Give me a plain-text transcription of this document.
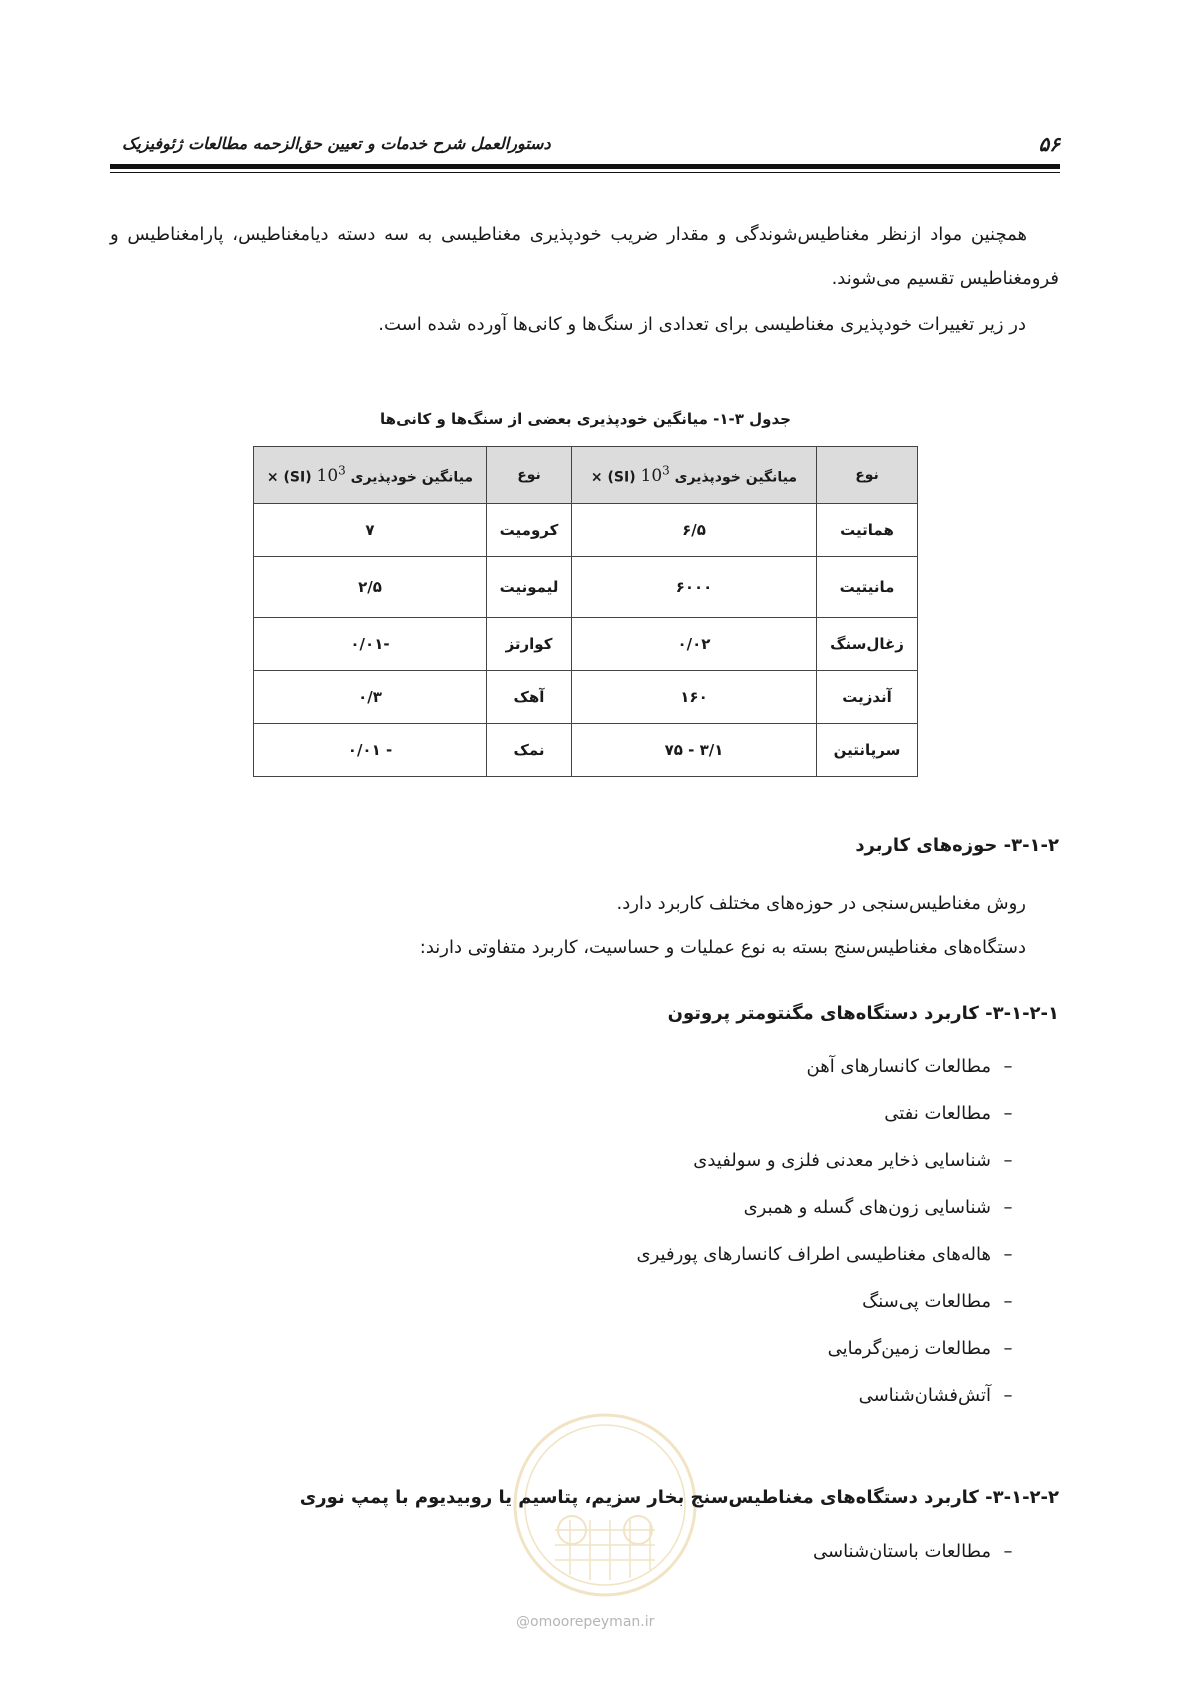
۵۶
دستورالعمل شرح خدمات و تعیین حق‌الزحمه مطالعات ژئوفیزیک
همچنین مواد ازنظر مغناطیس‌شوندگی و مقدار ضریب خودپذیری مغناطیسی به سه دسته دیامغناطیس، پارامغناطیس و فرومغناطیس تقسیم می‌شوند.
در زیر تغییرات خودپذیری مغناطیسی برای تعدادی از سنگ‌ها و کانی‌ها آورده شده است.
جدول ۳-۱- میانگین خودپذیری بعضی از سنگ‌ها و کانی‌ها
نوع	میانگین خودپذیری $10^3$ (SI) ×	نوع	میانگین خودپذیری $10^3$ (SI) ×
هماتیت	۶/۵	کرومیت	۷
مانیتیت	۶۰۰۰	لیمونیت	۲/۵
زغال‌سنگ	۰/۰۲	کوارتز	-۰/۰۱
آندزیت	۱۶۰	آهک	۰/۳
سرپانتین	۳/۱ - ۷۵	نمک	- ۰/۰۱
۳-۱-۲- حوزه‌های کاربرد
روش مغناطیس‌سنجی در حوزه‌های مختلف کاربرد دارد.
دستگاه‌های مغناطیس‌سنج بسته به نوع عملیات و حساسیت، کاربرد متفاوتی دارند:
۳-۱-۲-۱- کاربرد دستگاه‌های مگنتومتر پروتون
–مطالعات کانسارهای آهن
–مطالعات نفتی
–شناسایی ذخایر معدنی فلزی و سولفیدی
–شناسایی زون‌های گسله و همبری
–هاله‌های مغناطیسی اطراف کانسارهای پورفیری
–مطالعات پی‌سنگ
–مطالعات زمین‌گرمایی
–آتش‌فشان‌شناسی
@omoorepeyman.ir
۳-۱-۲-۲- کاربرد دستگاه‌های مغناطیس‌سنج بخار سزیم، پتاسیم یا روبیدیوم با پمپ نوری
–مطالعات باستان‌شناسی
